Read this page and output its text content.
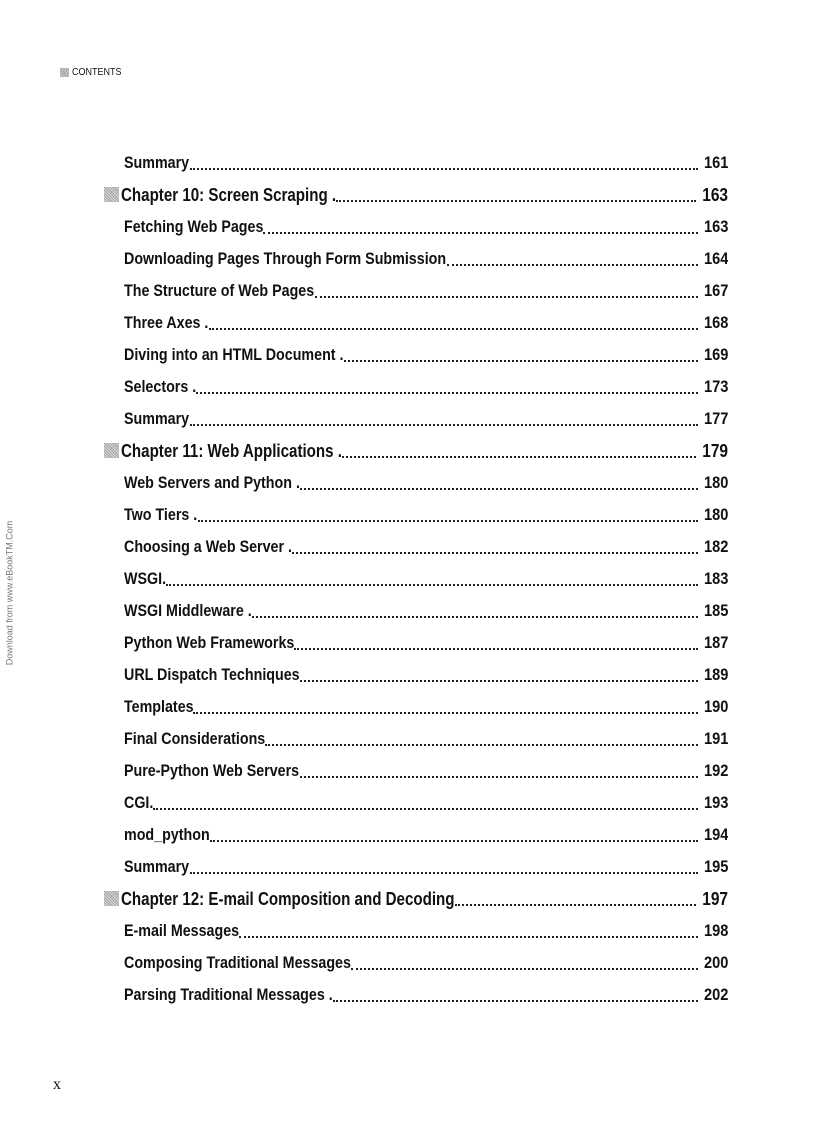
CONTENTS
Download from www.eBookTM.Com
Summary	161
Chapter 10: Screen Scraping .	163
Fetching Web Pages	163
Downloading Pages Through Form Submission	164
The Structure of Web Pages	167
Three Axes .	168
Diving into an HTML Document .	169
Selectors .	173
Summary	177
Chapter 11: Web Applications .	179
Web Servers and Python .	180
Two Tiers .	180
Choosing a Web Server .	182
WSGI.	183
WSGI Middleware .	185
Python Web Frameworks	187
URL Dispatch Techniques	189
Templates	190
Final Considerations	191
Pure-Python Web Servers	192
CGI.	193
mod_python	194
Summary	195
Chapter 12: E-mail Composition and Decoding	197
E-mail Messages	198
Composing Traditional Messages	200
Parsing Traditional Messages .	202
x
